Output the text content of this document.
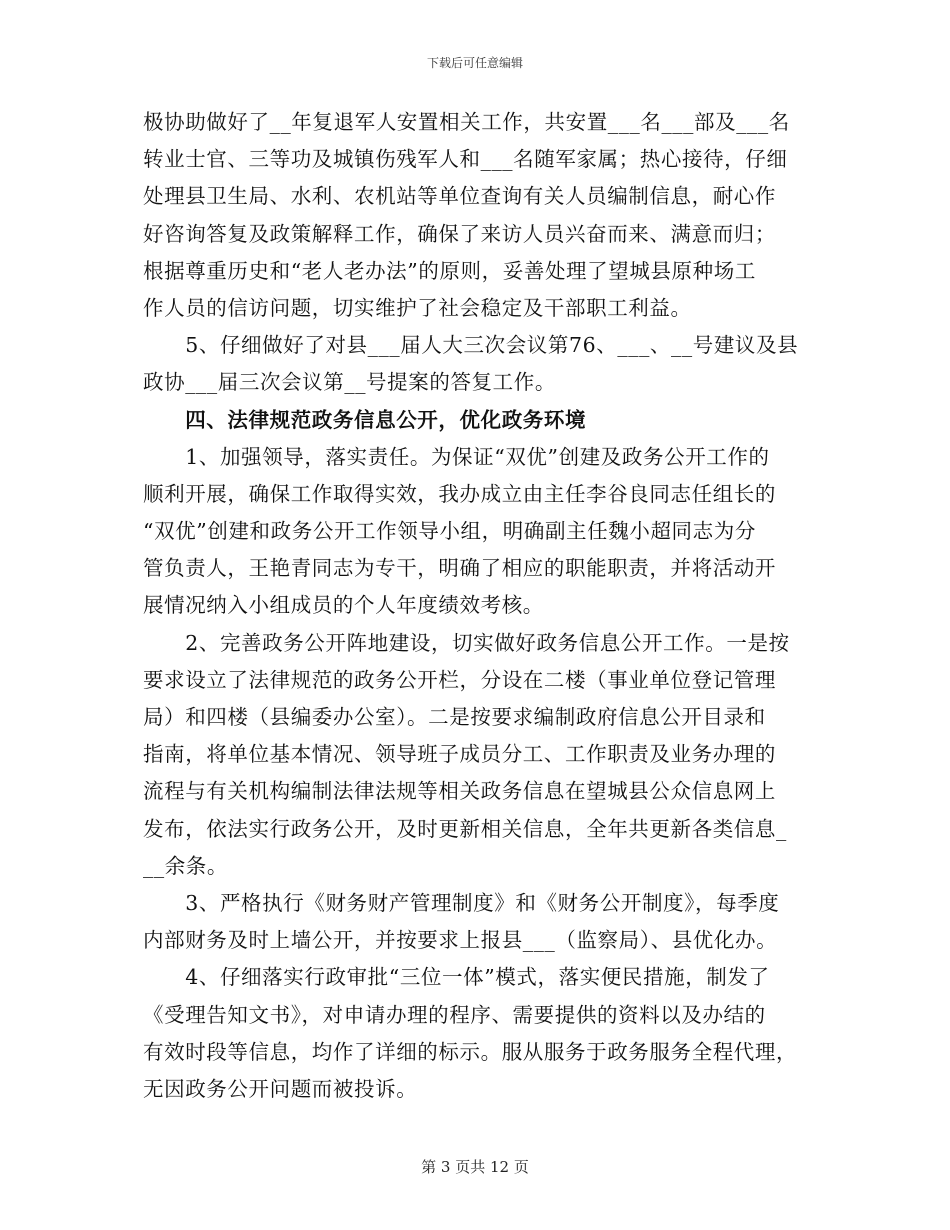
下载后可任意编辑
极协助做好了__年复退军人安置相关工作，共安置___名___部及___名
转业士官、三等功及城镇伤残军人和___名随军家属；热心接待，仔细
处理县卫生局、水利、农机站等单位查询有关人员编制信息，耐心作
好咨询答复及政策解释工作，确保了来访人员兴奋而来、满意而归；
根据尊重历史和“老人老办法”的原则，妥善处理了望城县原种场工
作人员的信访问题，切实维护了社会稳定及干部职工利益。
　　5、仔细做好了对县___届人大三次会议第76、___、__号建议及县
政协___届三次会议第__号提案的答复工作。
　　四、法律规范政务信息公开，优化政务环境
　　1、加强领导，落实责任。为保证“双优”创建及政务公开工作的
顺利开展，确保工作取得实效，我办成立由主任李谷良同志任组长的
“双优”创建和政务公开工作领导小组，明确副主任魏小超同志为分
管负责人，王艳青同志为专干，明确了相应的职能职责，并将活动开
展情况纳入小组成员的个人年度绩效考核。
　　2、完善政务公开阵地建设，切实做好政务信息公开工作。一是按
要求设立了法律规范的政务公开栏，分设在二楼（事业单位登记管理
局）和四楼（县编委办公室）。二是按要求编制政府信息公开目录和
指南，将单位基本情况、领导班子成员分工、工作职责及业务办理的
流程与有关机构编制法律法规等相关政务信息在望城县公众信息网上
发布，依法实行政务公开，及时更新相关信息，全年共更新各类信息_
__余条。
　　3、严格执行《财务财产管理制度》和《财务公开制度》，每季度
内部财务及时上墙公开，并按要求上报县___（监察局）、县优化办。
　　4、仔细落实行政审批“三位一体”模式，落实便民措施，制发了
《受理告知文书》，对申请办理的程序、需要提供的资料以及办结的
有效时段等信息，均作了详细的标示。服从服务于政务服务全程代理，
无因政务公开问题而被投诉。
第 3 页共 12 页
